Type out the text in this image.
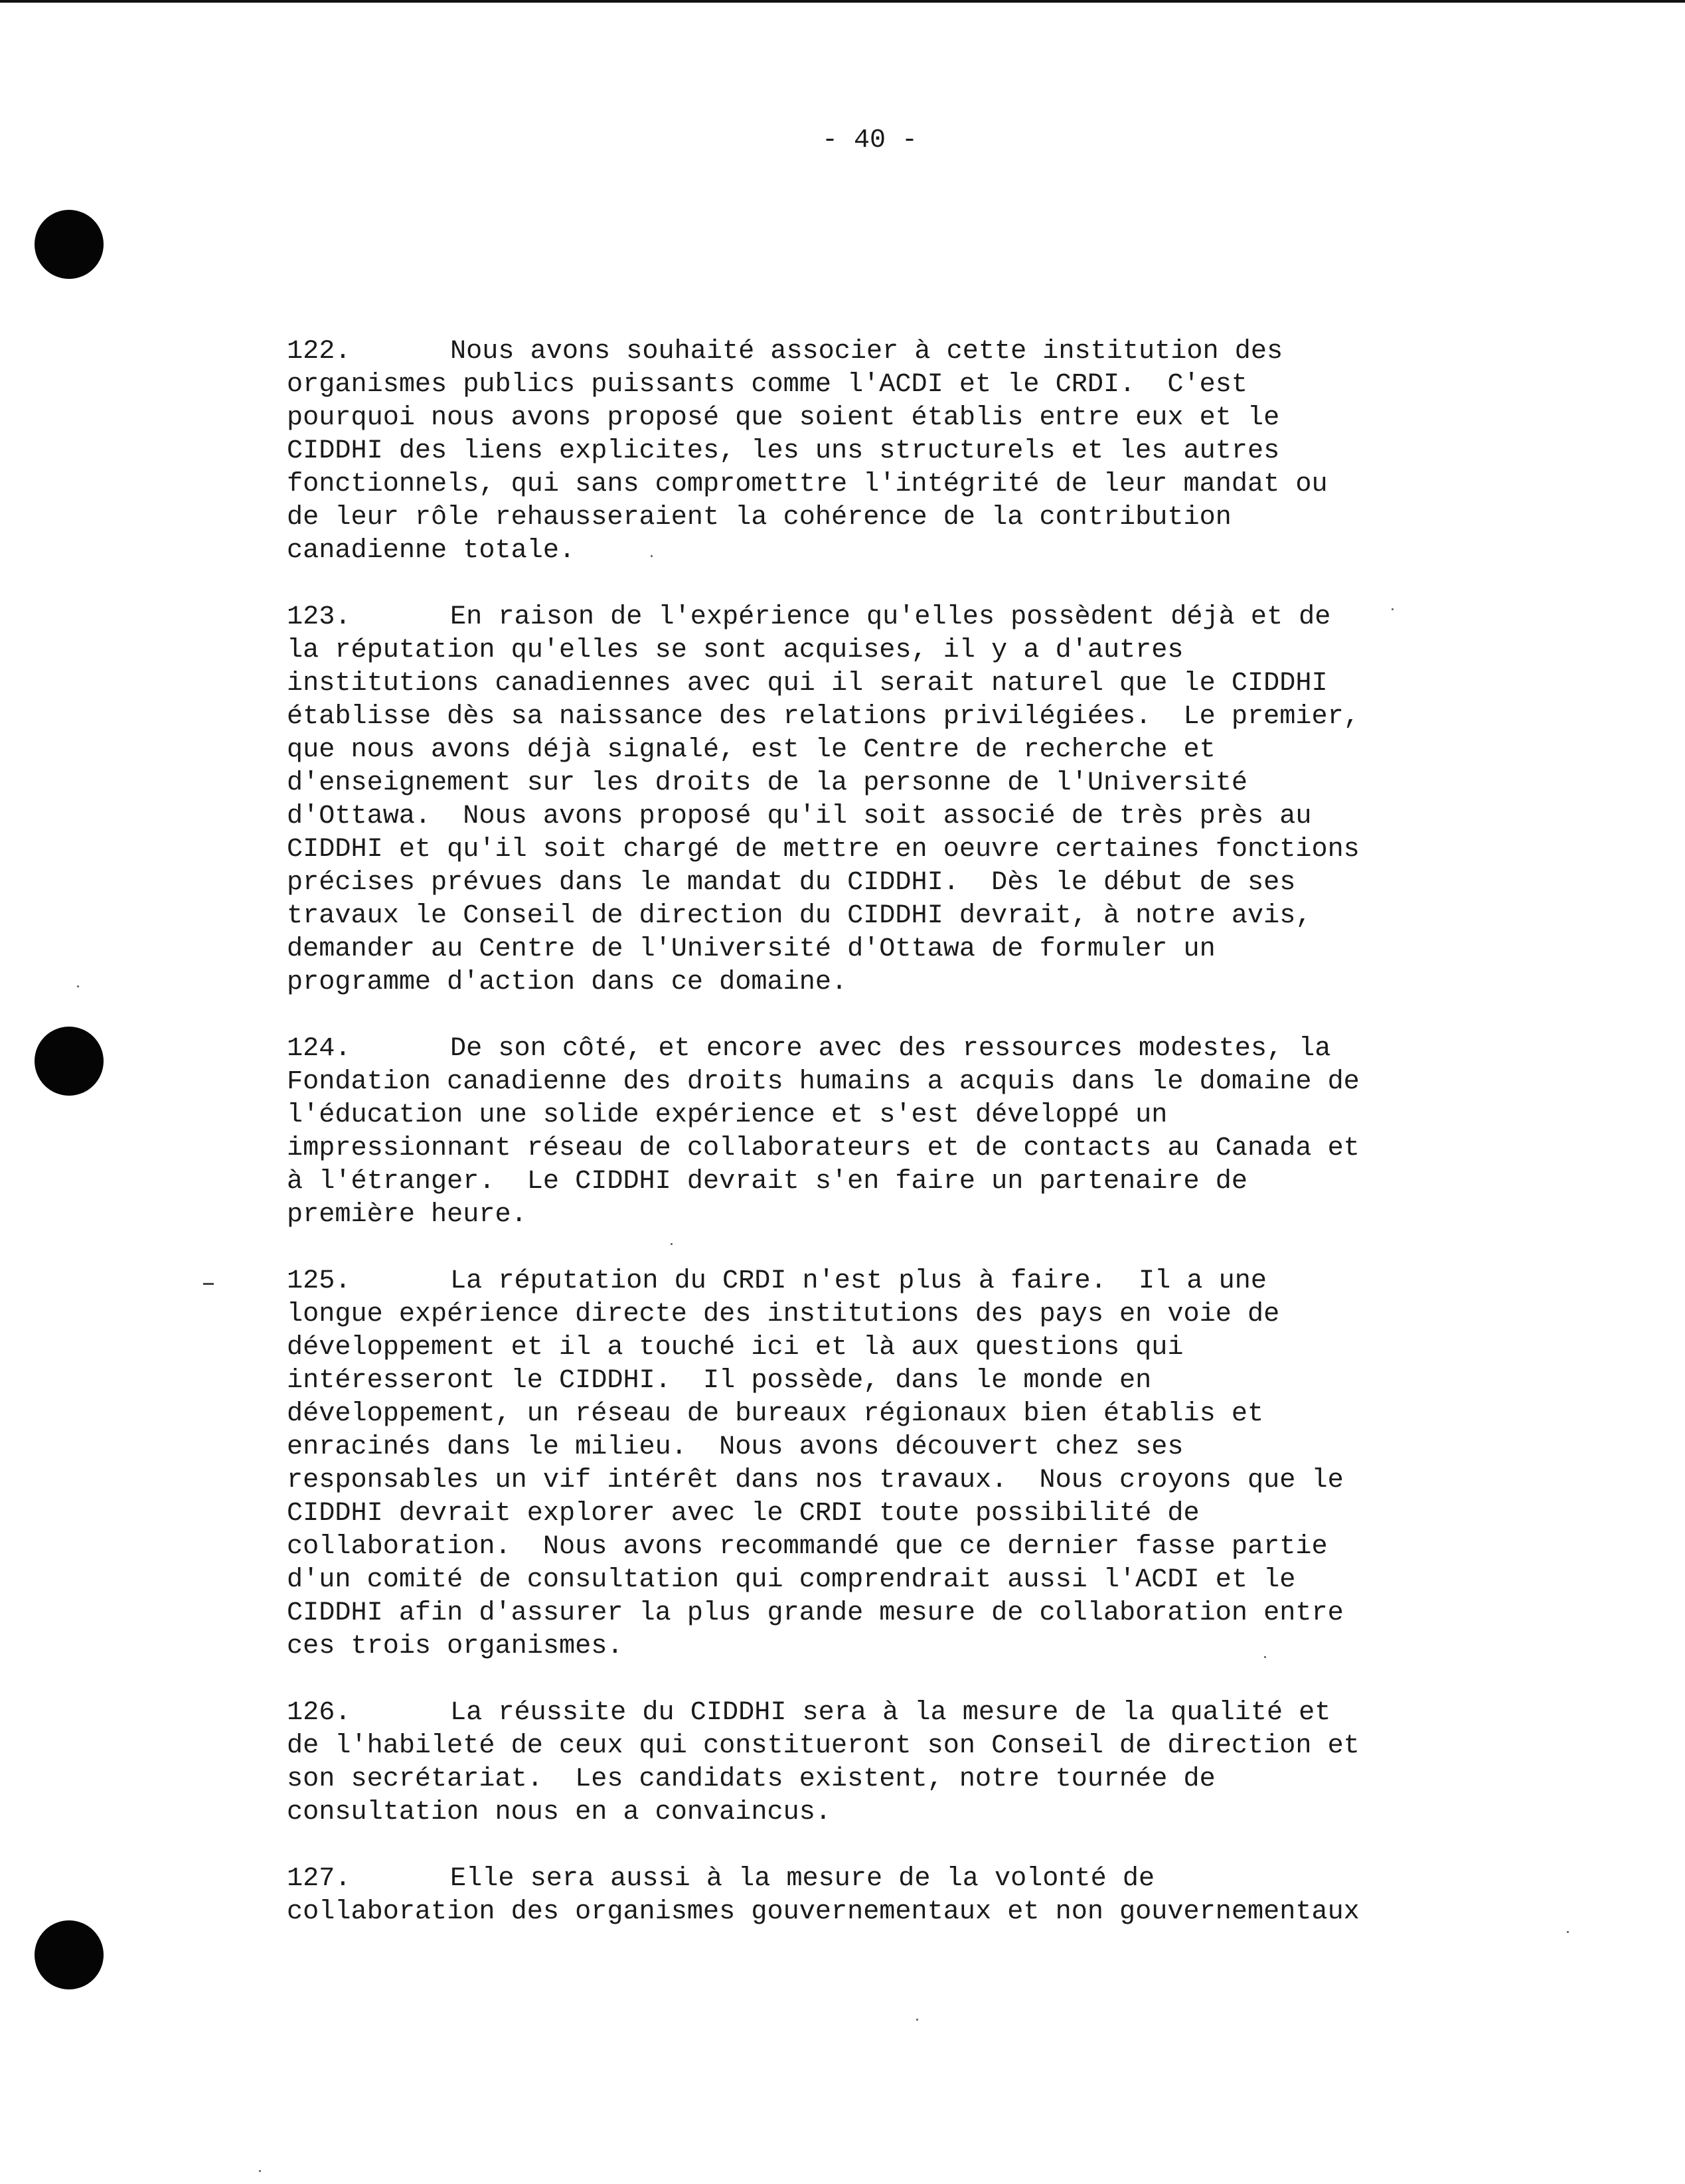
- 40 -
122.	Nous avons souhaité associer à cette institution des
organismes publics puissants comme l'ACDI et le CRDI.  C'est
pourquoi nous avons proposé que soient établis entre eux et le
CIDDHI des liens explicites, les uns structurels et les autres
fonctionnels, qui sans compromettre l'intégrité de leur mandat ou
de leur rôle rehausseraient la cohérence de la contribution
canadienne totale.
123.	En raison de l'expérience qu'elles possèdent déjà et de
la réputation qu'elles se sont acquises, il y a d'autres
institutions canadiennes avec qui il serait naturel que le CIDDHI
établisse dès sa naissance des relations privilégiées.  Le premier,
que nous avons déjà signalé, est le Centre de recherche et
d'enseignement sur les droits de la personne de l'Université
d'Ottawa.  Nous avons proposé qu'il soit associé de très près au
CIDDHI et qu'il soit chargé de mettre en oeuvre certaines fonctions
précises prévues dans le mandat du CIDDHI.  Dès le début de ses
travaux le Conseil de direction du CIDDHI devrait, à notre avis,
demander au Centre de l'Université d'Ottawa de formuler un
programme d'action dans ce domaine.
124.	De son côté, et encore avec des ressources modestes, la
Fondation canadienne des droits humains a acquis dans le domaine de
l'éducation une solide expérience et s'est développé un
impressionnant réseau de collaborateurs et de contacts au Canada et
à l'étranger.  Le CIDDHI devrait s'en faire un partenaire de
première heure.
125.	La réputation du CRDI n'est plus à faire.  Il a une
longue expérience directe des institutions des pays en voie de
développement et il a touché ici et là aux questions qui
intéresseront le CIDDHI.  Il possède, dans le monde en
développement, un réseau de bureaux régionaux bien établis et
enracinés dans le milieu.  Nous avons découvert chez ses
responsables un vif intérêt dans nos travaux.  Nous croyons que le
CIDDHI devrait explorer avec le CRDI toute possibilité de
collaboration.  Nous avons recommandé que ce dernier fasse partie
d'un comité de consultation qui comprendrait aussi l'ACDI et le
CIDDHI afin d'assurer la plus grande mesure de collaboration entre
ces trois organismes.
126.	La réussite du CIDDHI sera à la mesure de la qualité et
de l'habileté de ceux qui constitueront son Conseil de direction et
son secrétariat.  Les candidats existent, notre tournée de
consultation nous en a convaincus.
127.	Elle sera aussi à la mesure de la volonté de
collaboration des organismes gouvernementaux et non gouvernementaux
